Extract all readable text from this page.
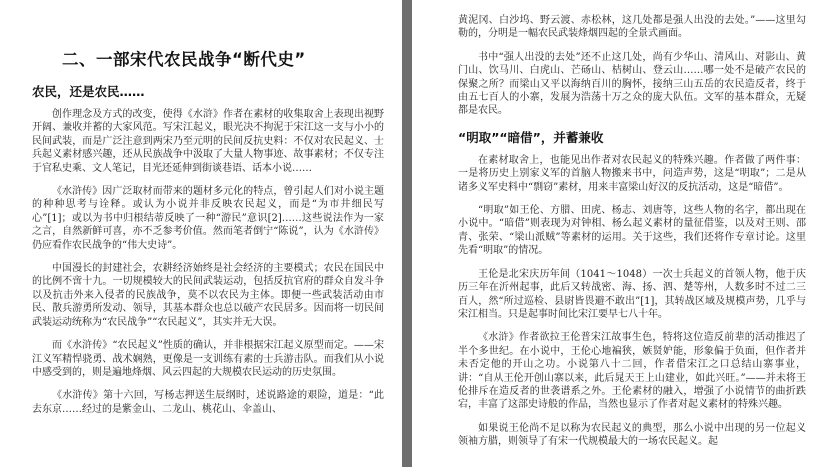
二、一部宋代农民战争“断代史”
农民，还是农民……

创作理念及方式的改变，使得《水浒》作者在素材的收集取舍上表现出视野开阔、兼收并蓄的大家风范。写宋江起义，眼光决不拘泥于宋江这一支与小小的民间武装，而是广泛注意到两宋乃至元明的民间反抗史料：不仅对农民起义、士兵起义素材感兴趣，还从民族战争中汲取了大量人物事迹、故事素材；不仅专注于官私史乘、文人笔记，目光还延伸到街谈巷语、话本小说……

《水浒传》因广泛取材而带来的题材多元化的特点，曾引起人们对小说主题的种种思考与诠释。或认为小说并非反映农民起义，而是“为市井细民写心”[1]；或以为书中归根结蒂反映了一种“游民”意识[2]……这些说法作为一家之言，自然新鲜可喜，亦不乏参考价值。然而笔者倒宁“陈说”，认为《水浒传》仍应看作农民战争的“伟大史诗”。

中国漫长的封建社会，农耕经济始终是社会经济的主要模式；农民在国民中的比例不啻十九。一切规模较大的民间武装运动，包括反抗官府的群众自发斗争以及抗击外来入侵者的民族战争，莫不以农民为主体。即便一些武装活动由市民、散兵游勇所发动、领导，其基本群众也总以破产农民居多。因而将一切民间武装运动统称为“农民战争”“农民起义”，其实并无大误。

而《水浒传》“农民起义”性质的确认，并非根据宋江起义原型而定。——宋江义军精悍骁勇、战术娴熟，更像是一支训练有素的士兵游击队。而我们从小说中感受到的，则是遍地烽烟、风云四起的大规模农民运动的历史氛围。

《水浒传》第十六回，写杨志押送生辰纲时，述说路途的艰险，道是：“此去东京……经过的是紫金山、二龙山、桃花山、伞盖山、

黄泥冈、白沙坞、野云渡、赤松林，这几处都是强人出没的去处。”——这里勾勒的，分明是一幅农民武装烽烟四起的全景式画面。

书中“强人出没的去处”还不止这几处，尚有少华山、清风山、对影山、黄门山、饮马川、白虎山、芒砀山、桔树山、登云山……哪一处不是破产农民的保聚之所？而梁山又平以海纳百川的胸怀，接纳三山五岳的农民造反者，终于由五七百人的小寨，发展为浩荡十万之众的庞大队伍。文军的基本群众，无疑都是农民。

“明取”“暗借”，并蓄兼收

在素材取舍上，也能见出作者对农民起义的特殊兴趣。作者做了两件事：一是将历史上别家义军的首脑人物搬来书中，问造声势，这是“明取”；二是从诸多义军史料中“剽窃”素材，用来丰富梁山好汉的反抗活动，这是“暗借”。

“明取”如王伦、方腊、田虎、杨志、刘唐等，这些人物的名字，都出现在小说中。“暗借”则表现为对钟相、杨么起义素材的量征借鉴，以及对王则、邵青、张荣、“梁山派贼”等素材的运用。关于这些，我们还将作专章讨论。这里先看“明取”的情况。

王伦是北宋庆历年间（1041～1048）一次士兵起义的首领人物，他于庆历三年在沂州起事，此后又转战密、海、扬、泗、楚等州，人数多时不过二三百人，然“所过巡检、县尉皆畏避不敢出”[1]，其转战区域及规模声势，几乎与宋江相当。只是起事时间比宋江要早七八十年。

《水浒》作者欲拉王伦普宋江故事生色，特将这位造反前辈的活动推迟了半个多世纪。在小说中，王伦心地褊狭，嫉贤妒能，形象偏于负面，但作者并未否定他的开山之功。小说第八十二回，作者借宋江之口总结山寨事业，讲：“自从王伦开创山寨以来，此后晁天王上山建业，如此兴旺。”——并未将王伦排斥在造反者的世袭谱系之外。王伦素材的融入，增强了小说情节的曲折跌宕，丰富了这部史诗般的作品，当然也显示了作者对起义素材的特殊兴趣。

如果说王伦尚不足以称为农民起义的典型，那么小说中出现的另一位起义领袖方腊，则领导了有宋一代规模最大的一场农民起义。起
